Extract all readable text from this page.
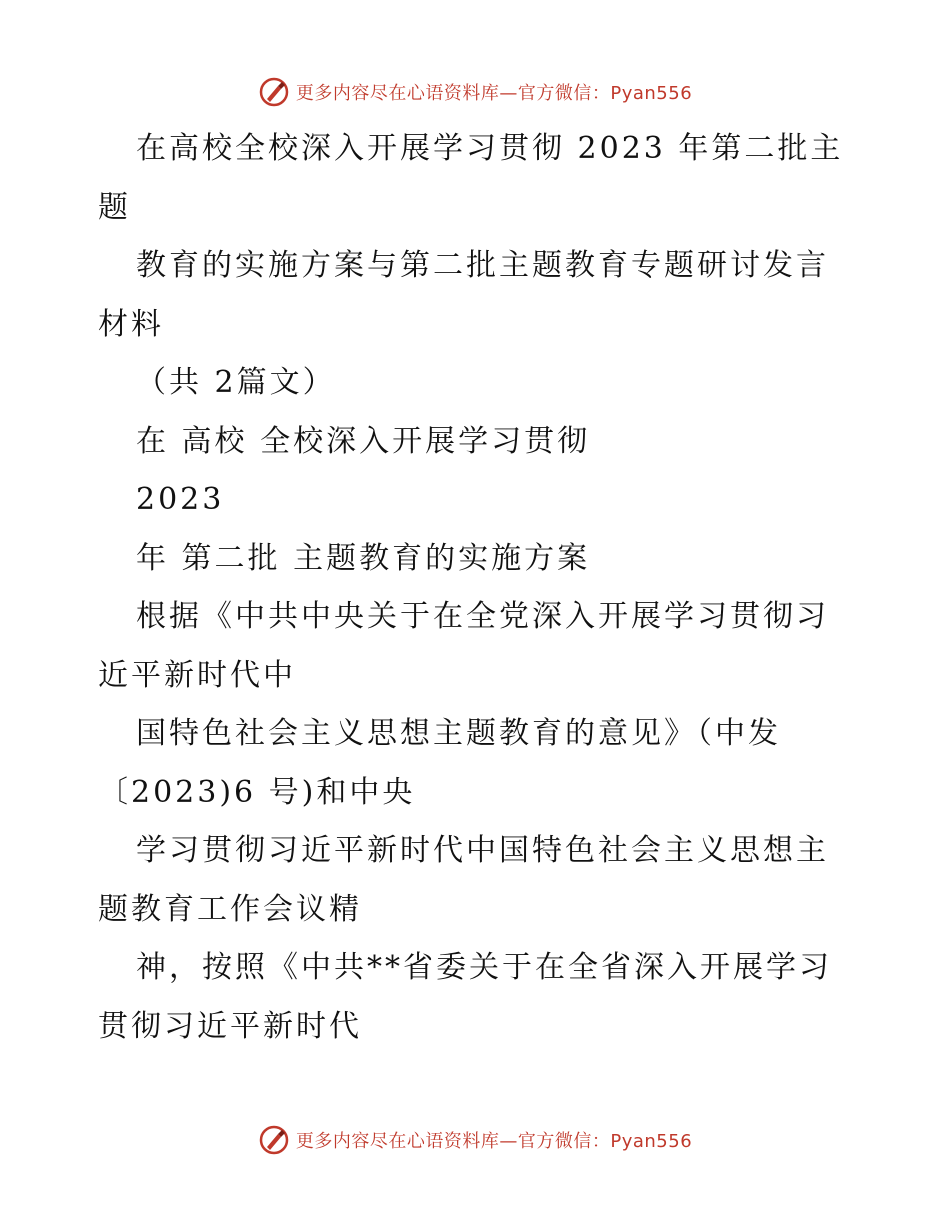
更多内容尽在心语资料库—官方微信：Pyan556
在高校全校深入开展学习贯彻 2023 年第二批主
题
教育的实施方案与第二批主题教育专题研讨发言
材料
（共 2篇文）
在 高校 全校深入开展学习贯彻
2023
年 第二批 主题教育的实施方案
根据《中共中央关于在全党深入开展学习贯彻习
近平新时代中
国特色社会主义思想主题教育的意见》（中发
〔2023)6 号)和中央
学习贯彻习近平新时代中国特色社会主义思想主
题教育工作会议精
神，按照《中共**省委关于在全省深入开展学习
贯彻习近平新时代
更多内容尽在心语资料库—官方微信：Pyan556
